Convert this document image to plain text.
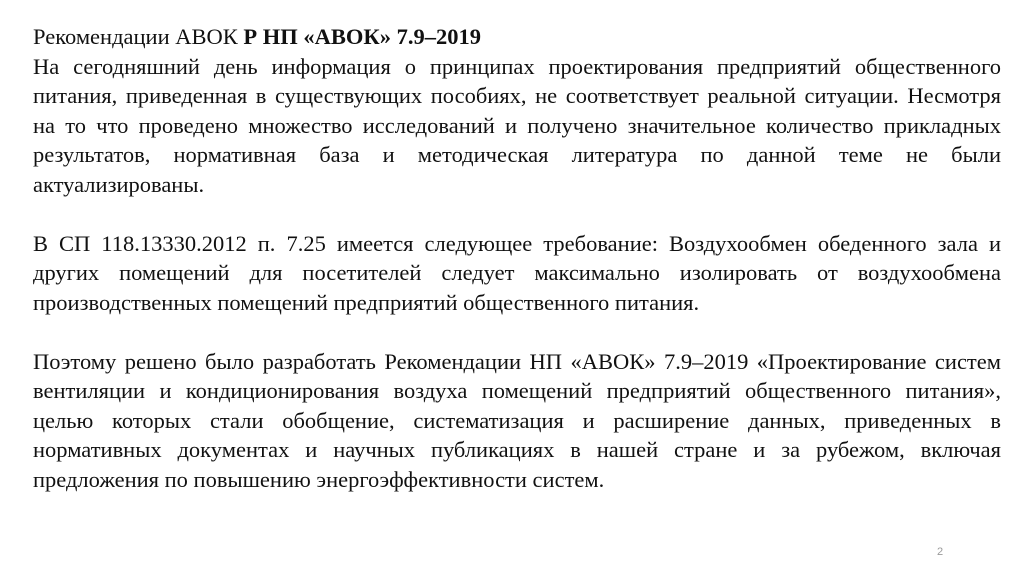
Рекомендации АВОК Р НП «АВОК» 7.9–2019

На сегодняшний день информация о принципах проектирования предприятий общественного питания, приведенная в существующих пособиях, не соответствует реальной ситуации. Несмотря на то что проведено множество исследований и получено значительное количество прикладных результатов, нормативная база и методическая литература по данной теме не были актуализированы.

В СП 118.13330.2012 п. 7.25 имеется следующее требование: Воздухообмен обеденного зала и других помещений для посетителей следует максимально изолировать от воздухообмена производственных помещений предприятий общественного питания.

Поэтому решено было разработать Рекомендации НП «АВОК» 7.9–2019 «Проектирование систем вентиляции и кондиционирования воздуха помещений предприятий общественного питания», целью которых стали обобщение, систематизация и расширение данных, приведенных в нормативных документах и научных публикациях в нашей стране и за рубежом, включая предложения по повышению энергоэффективности систем.

2
